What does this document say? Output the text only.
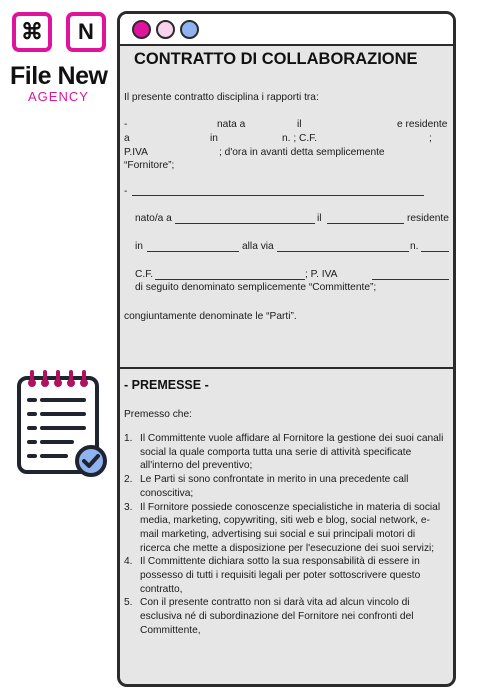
⌘	N
File New
AGENCY
CONTRATTO DI COLLABORAZIONE
Il presente contratto disciplina i rapporti tra:
-	nata a	il	e residente
a	in	n. ; C.F.	;
P.IVA	; d'ora in avanti detta semplicemente
“Fornitore”;
-
nato/a a	il	residente
in	alla via	n.
C.F.	; P. IVA
di seguito denominato semplicemente “Committente”;
congiuntamente denominate le “Parti”.
- PREMESSE -
Premesso che:
1. Il Committente vuole affidare al Fornitore la gestione dei suoi canali social la quale comporta tutta una serie di attività specificate all'interno del preventivo;
2. Le Parti si sono confrontate in merito in una precedente call conoscitiva;
3. Il Fornitore possiede conoscenze specialistiche in materia di social media, marketing, copywriting, siti web e blog, social network, e-mail marketing, advertising sui social e sui principali motori di ricerca che mette a disposizione per l'esecuzione dei suoi servizi;
4. Il Committente dichiara sotto la sua responsabilità di essere in possesso di tutti i requisiti legali per poter sottoscrivere questo contratto,
5. Con il presente contratto non si darà vita ad alcun vincolo di esclusiva né di subordinazione del Fornitore nei confronti del Committente,
